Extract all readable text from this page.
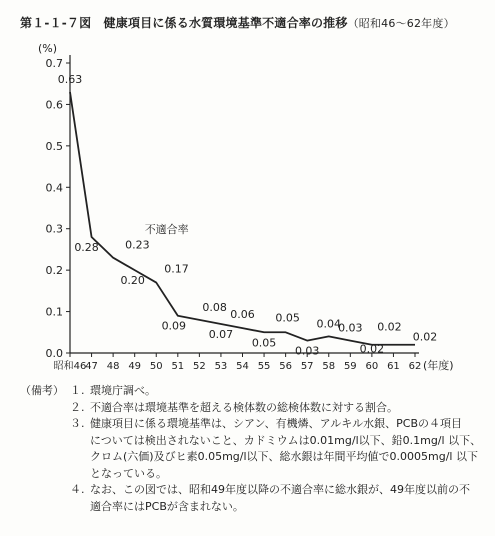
第１-１-７図　健康項目に係る水質環境基準不適合率の推移（昭和46～62年度）
0.0
0.1
0.2
0.3
0.4
0.5
0.6
0.7
(%)
昭和46
47 48 49 50 51 52 53 54 55 56 57 58 59 60 61 62 (年度)
0.63
0.28 0.23
0.20
0.17
0.09
0.08
0.07
0.06
0.05
0.05
0.03
0.04
0.03
0.02
0.02
0.02
不適合率
（備考） １. 環境庁調べ。
２. 不適合率は環境基準を超える検体数の総検体数に対する割合。
３. 健康項目に係る環境基準は、シアン、有機燐、アルキル水銀、PCBの４項目
については検出されないこと、カドミウムは0.01mg/l以下、鉛0.1mg/l 以下、
クロム(六価)及びヒ素0.05mg/l以下、総水銀は年間平均値で0.0005mg/l 以下
となっている。
４. なお、この図では、昭和49年度以降の不適合率に総水銀が、49年度以前の不
適合率にはPCBが含まれない。
